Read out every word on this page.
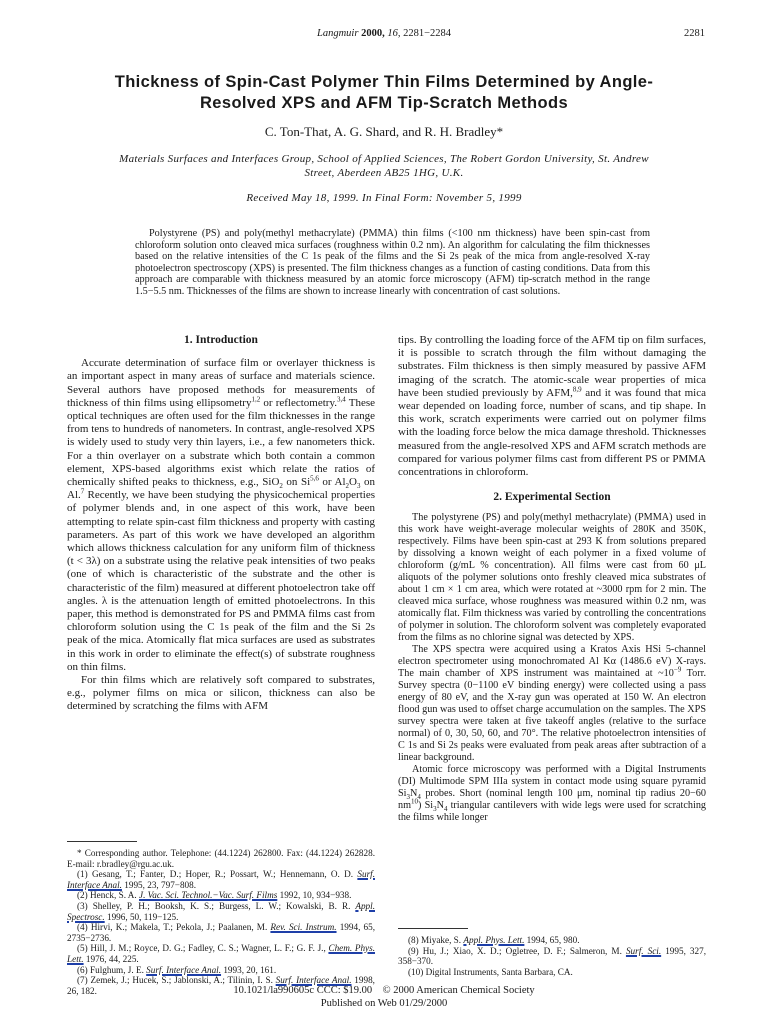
Langmuir 2000, 16, 2281−2284	2281
Thickness of Spin-Cast Polymer Thin Films Determined by Angle-Resolved XPS and AFM Tip-Scratch Methods
C. Ton-That, A. G. Shard, and R. H. Bradley*
Materials Surfaces and Interfaces Group, School of Applied Sciences, The Robert Gordon University, St. Andrew Street, Aberdeen AB25 1HG, U.K.
Received May 18, 1999. In Final Form: November 5, 1999
Polystyrene (PS) and poly(methyl methacrylate) (PMMA) thin films (<100 nm thickness) have been spin-cast from chloroform solution onto cleaved mica surfaces (roughness within 0.2 nm). An algorithm for calculating the film thicknesses based on the relative intensities of the C 1s peak of the films and the Si 2s peak of the mica from angle-resolved X-ray photoelectron spectroscopy (XPS) is presented. The film thickness changes as a function of casting conditions. Data from this approach are comparable with thickness measured by an atomic force microscopy (AFM) tip-scratch method in the range 1.5−5.5 nm. Thicknesses of the films are shown to increase linearly with concentration of cast solutions.
1. Introduction

Accurate determination of surface film or overlayer thickness is an important aspect in many areas of surface and materials science. Several authors have proposed methods for measurements of thickness of thin films using ellipsometry$^{1,2}$ or reflectometry.$^{3,4}$ These optical techniques are often used for the film thicknesses in the range from tens to hundreds of nanometers. In contrast, angle-resolved XPS is widely used to study very thin layers, i.e., a few nanometers thick. For a thin overlayer on a substrate which both contain a common element, XPS-based algorithms exist which relate the ratios of chemically shifted peaks to thickness, e.g., SiO$_2$ on Si$^{5,6}$ or $Al_2O_3$ on Al.$^7$ Recently, we have been studying the physicochemical properties of polymer blends and, in one aspect of this work, have been attempting to relate spin-cast film thickness and property with casting parameters. As part of this work we have developed an algorithm which allows thickness calculation for any uniform film of thickness (t < 3λ) on a substrate using the relative peak intensities of two peaks (one of which is characteristic of the substrate and the other is characteristic of the film) measured at different photoelectron take off angles. λ is the attenuation length of emitted photoelectrons. In this paper, this method is demonstrated for PS and PMMA films cast from chloroform solution using the C 1s peak of the film and the Si 2s peak of the mica. Atomically flat mica surfaces are used as substrates in this work in order to eliminate the effect(s) of substrate roughness on thin films.

For thin films which are relatively soft compared to substrates, e.g., polymer films on mica or silicon, thickness can also be determined by scratching the films with AFM

* Corresponding author. Telephone: (44.1224) 262800. Fax: (44.1224) 262828. E-mail: r.bradley@rgu.ac.uk.
(1) Gesang, T.; Fanter, D.; Hoper, R.; Possart, W.; Hennemann, O. D. Surf. Interface Anal. 1995, 23, 797−808.
(2) Henck, S. A. J. Vac. Sci. Technol.−Vac. Surf. Films 1992, 10, 934−938.
(3) Shelley, P. H.; Booksh, K. S.; Burgess, L. W.; Kowalski, B. R. Appl. Spectrosc. 1996, 50, 119−125.
(4) Hirvi, K.; Makela, T.; Pekola, J.; Paalanen, M. Rev. Sci. Instrum. 1994, 65, 2735−2736.
(5) Hill, J. M.; Royce, D. G.; Fadley, C. S.; Wagner, L. F.; G. F. J., Chem. Phys. Lett. 1976, 44, 225.
(6) Fulghum, J. E. Surf. Interface Anal. 1993, 20, 161.
(7) Zemek, J.; Hucek, S.; Jablonski, A.; Tilinin, I. S. Surf. Interface Anal. 1998, 26, 182.

tips. By controlling the loading force of the AFM tip on film surfaces, it is possible to scratch through the film without damaging the substrates. Film thickness is then simply measured by passive AFM imaging of the scratch. The atomic-scale wear properties of mica have been studied previously by AFM,$^{8,9}$ and it was found that mica wear depended on loading force, number of scans, and tip shape. In this work, scratch experiments were carried out on polymer films with the loading force below the mica damage threshold. Thicknesses measured from the angle-resolved XPS and AFM scratch methods are compared for various polymer films cast from different PS or PMMA concentrations in chloroform.

2. Experimental Section

The polystyrene (PS) and poly(methyl methacrylate) (PMMA) used in this work have weight-average molecular weights of 280K and 350K, respectively. Films have been spin-cast at 293 K from solutions prepared by dissolving a known weight of each polymer in a fixed volume of chloroform (g/mL % concentration). All films were cast from 60 μL aliquots of the polymer solutions onto freshly cleaved mica substrates of about 1 cm × 1 cm area, which were rotated at ~3000 rpm for 2 min. The cleaved mica surface, whose roughness was measured within 0.2 nm, was atomically flat. Film thickness was varied by controlling the concentrations of polymer in solution. The chloroform solvent was completely evaporated from the films as no chlorine signal was detected by XPS.

The XPS spectra were acquired using a Kratos Axis HSi 5-channel electron spectrometer using monochromated Al Kα (1486.6 eV) X-rays. The main chamber of XPS instrument was maintained at $\sim 10^{-9}$ Torr. Survey spectra (0−1100 eV binding energy) were collected using a pass energy of 80 eV, and the X-ray gun was operated at 150 W. An electron flood gun was used to offset charge accumulation on the samples. The XPS survey spectra were taken at five takeoff angles (relative to the surface normal) of 0, 30, 50, 60, and 70°. The relative photoelectron intensities of C 1s and Si 2s peaks were evaluated from peak areas after subtraction of a linear background.

Atomic force microscopy was performed with a Digital Instruments (DI) Multimode SPM IIIa system in contact mode using square pyramid $Si_3N_4$ probes. Short (nominal length 100 μm, nominal tip radius 20−60 $nm^{10}$) $Si_3N_4$ triangular cantilevers with wide legs were used for scratching the films while longer

(8) Miyake, S. Appl. Phys. Lett. 1994, 65, 980.
(9) Hu, J.; Xiao, X. D.; Ogletree, D. F.; Salmeron, M. Surf. Sci. 1995, 327, 358−370.
(10) Digital Instruments, Santa Barbara, CA.
10.1021/la990605c CCC: $19.00    © 2000 American Chemical Society
Published on Web 01/29/2000
